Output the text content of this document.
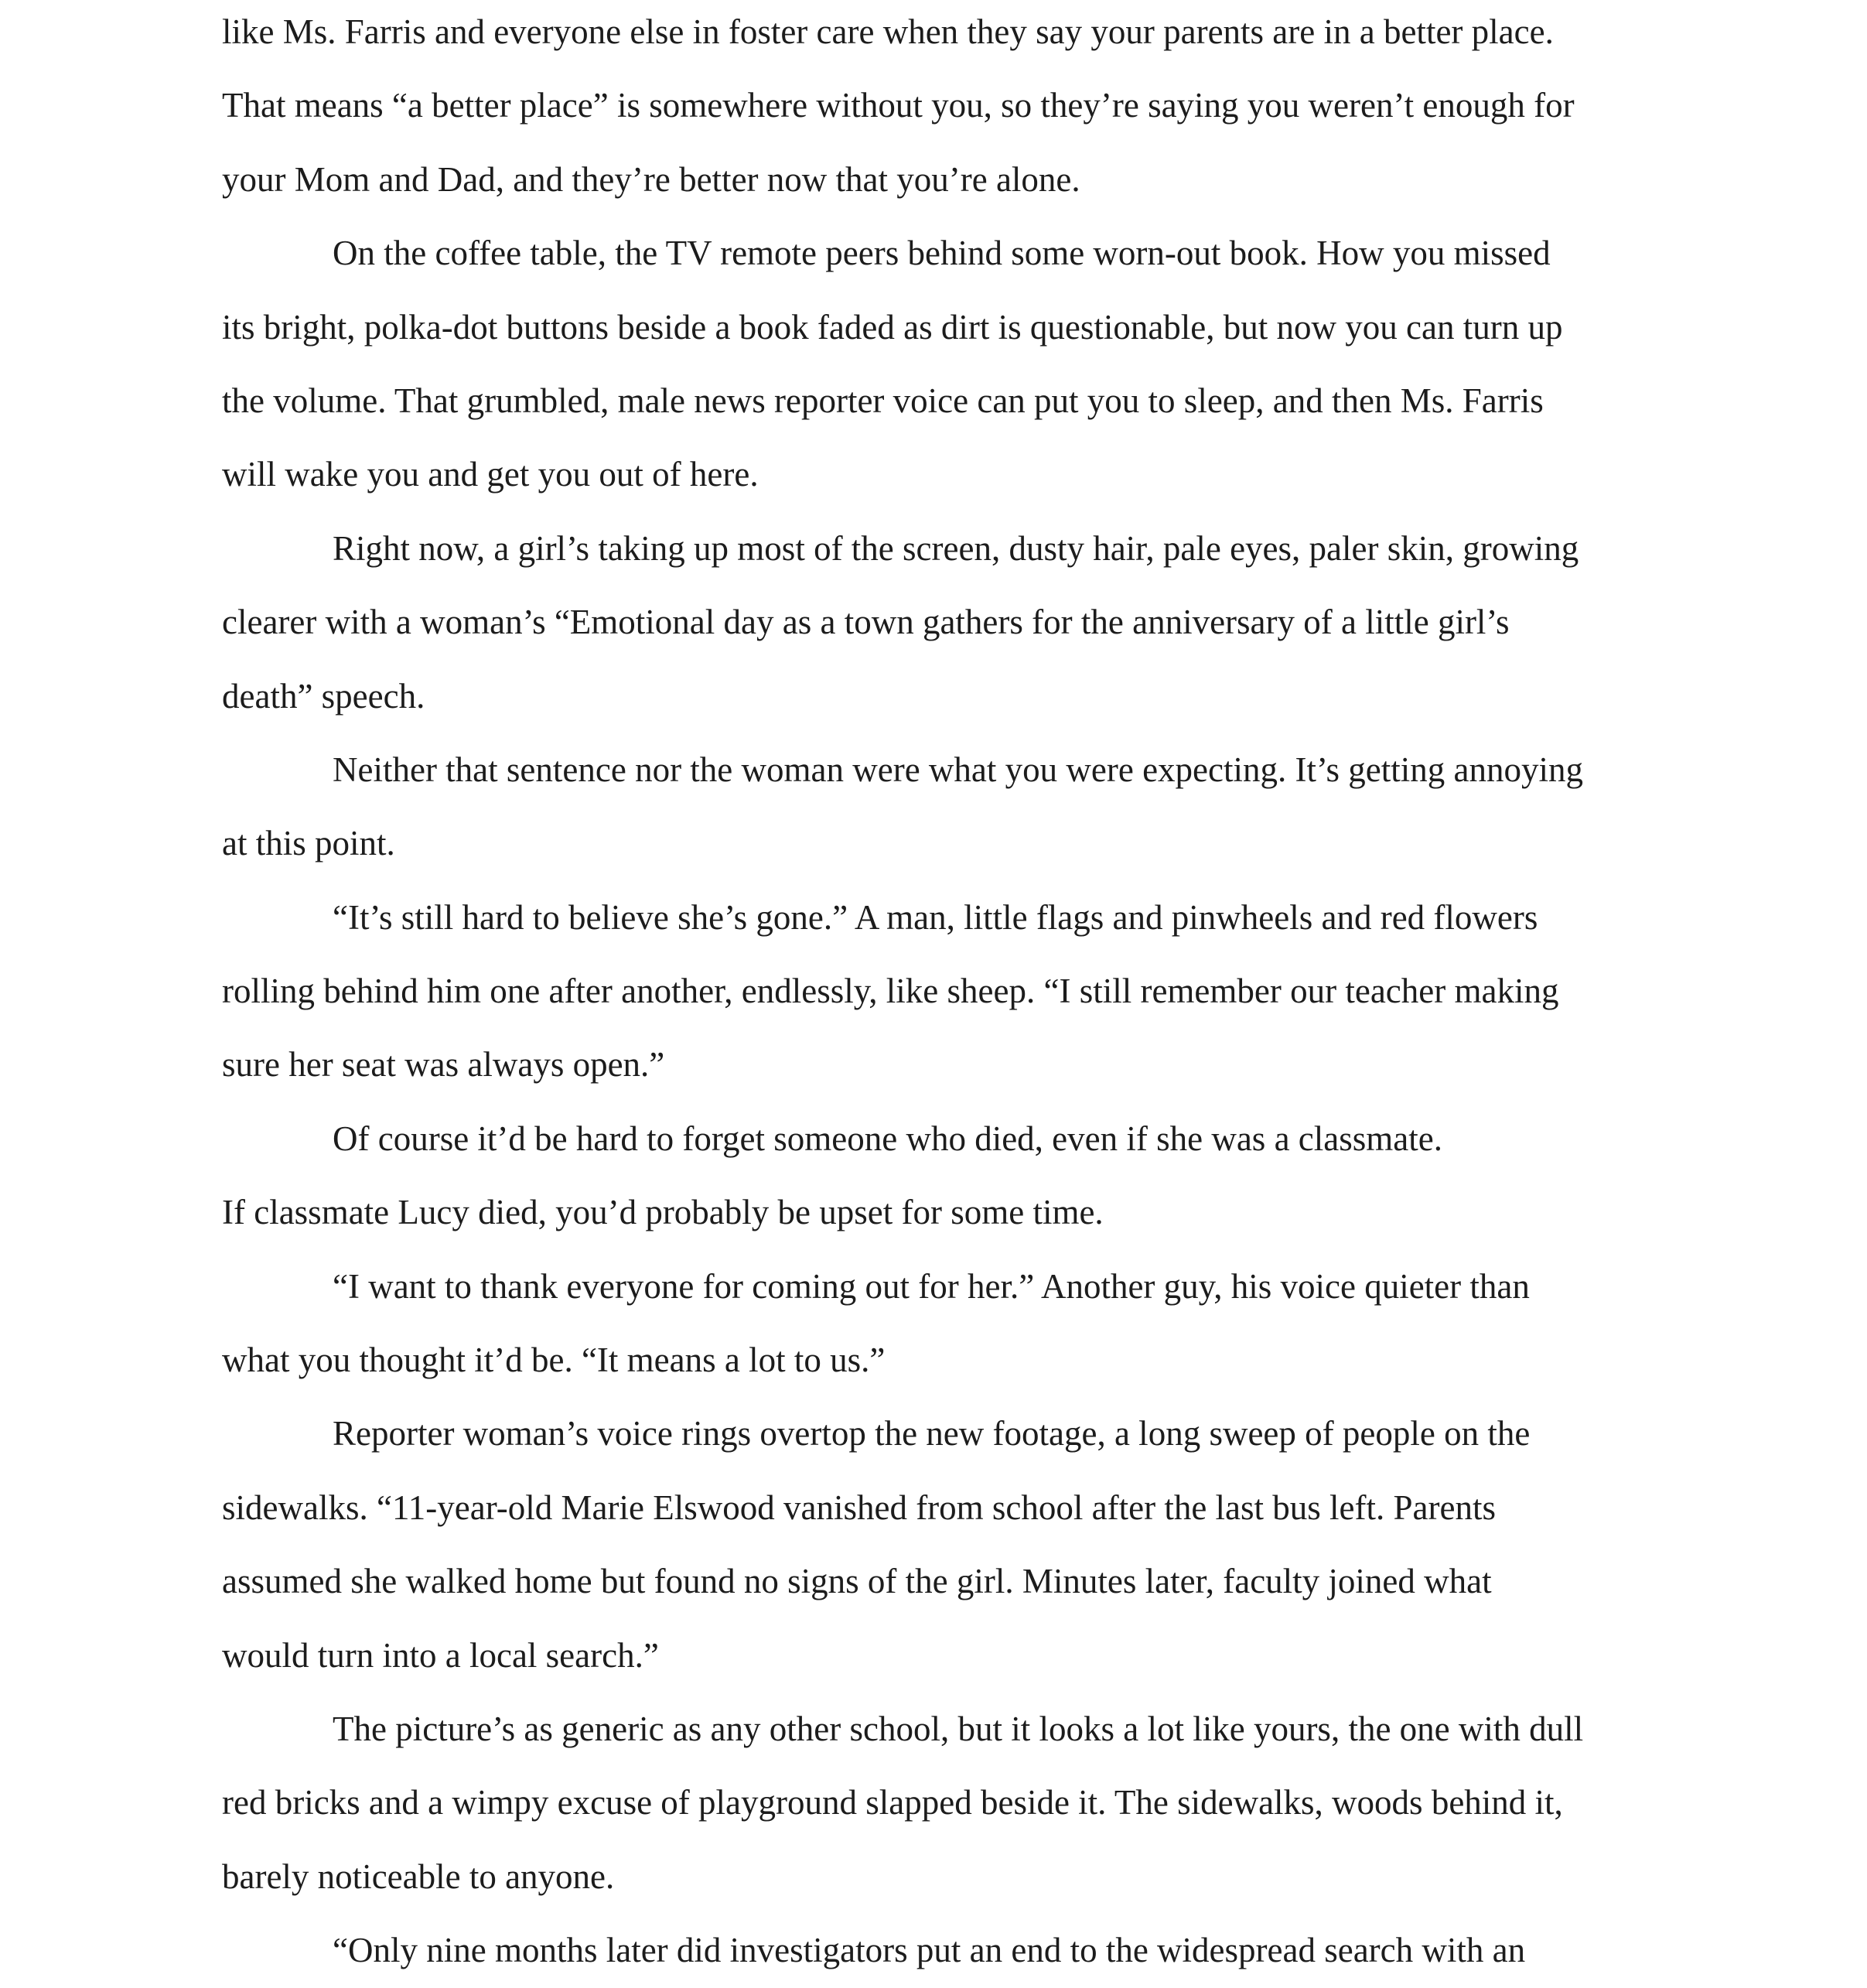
like Ms. Farris and everyone else in foster care when they say your parents are in a better place.
That means “a better place” is somewhere without you, so they’re saying you weren’t enough for
your Mom and Dad, and they’re better now that you’re alone.
On the coffee table, the TV remote peers behind some worn-out book. How you missed
its bright, polka-dot buttons beside a book faded as dirt is questionable, but now you can turn up
the volume. That grumbled, male news reporter voice can put you to sleep, and then Ms. Farris
will wake you and get you out of here.
Right now, a girl’s taking up most of the screen, dusty hair, pale eyes, paler skin, growing
clearer with a woman’s “Emotional day as a town gathers for the anniversary of a little girl’s
death” speech.
Neither that sentence nor the woman were what you were expecting. It’s getting annoying
at this point.
“It’s still hard to believe she’s gone.” A man, little flags and pinwheels and red flowers
rolling behind him one after another, endlessly, like sheep. “I still remember our teacher making
sure her seat was always open.”
Of course it’d be hard to forget someone who died, even if she was a classmate.
If classmate Lucy died, you’d probably be upset for some time.
“I want to thank everyone for coming out for her.” Another guy, his voice quieter than
what you thought it’d be. “It means a lot to us.”
Reporter woman’s voice rings overtop the new footage, a long sweep of people on the
sidewalks. “11-year-old Marie Elswood vanished from school after the last bus left. Parents
assumed she walked home but found no signs of the girl. Minutes later, faculty joined what
would turn into a local search.”
The picture’s as generic as any other school, but it looks a lot like yours, the one with dull
red bricks and a wimpy excuse of playground slapped beside it. The sidewalks, woods behind it,
barely noticeable to anyone.
“Only nine months later did investigators put an end to the widespread search with an
